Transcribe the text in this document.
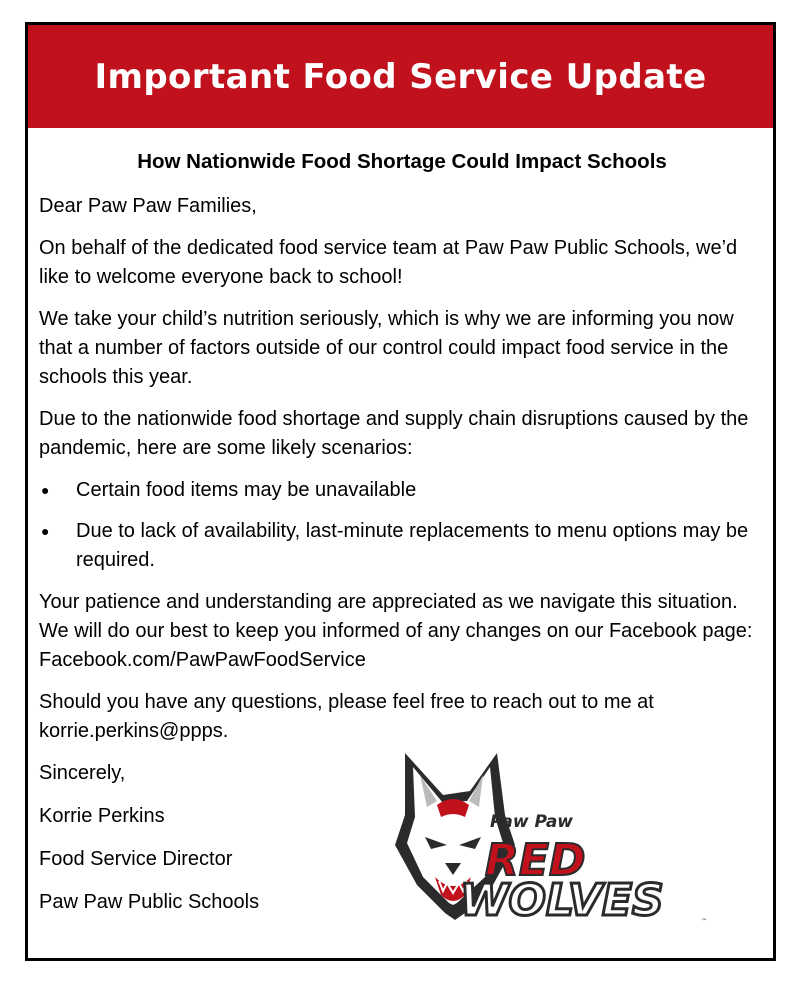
Important Food Service Update
How Nationwide Food Shortage Could Impact Schools

Dear Paw Paw Families,

On behalf of the dedicated food service team at Paw Paw Public Schools, we’d like to welcome everyone back to school!

We take your child’s nutrition seriously, which is why we are informing you now that a number of factors outside of our control could impact food service in the schools this year.

Due to the nationwide food shortage and supply chain disruptions caused by the pandemic, here are some likely scenarios:

● Certain food items may be unavailable
● Due to lack of availability, last-minute replacements to menu options may be required.

Your patience and understanding are appreciated as we navigate this situation. We will do our best to keep you informed of any changes on our Facebook page: Facebook.com/PawPawFoodService

Should you have any questions, please feel free to reach out to me at korrie.perkins@ppps.

Sincerely,

Korrie Perkins

Food Service Director

Paw Paw Public Schools

Paw Paw
RED
WOLVES	™
